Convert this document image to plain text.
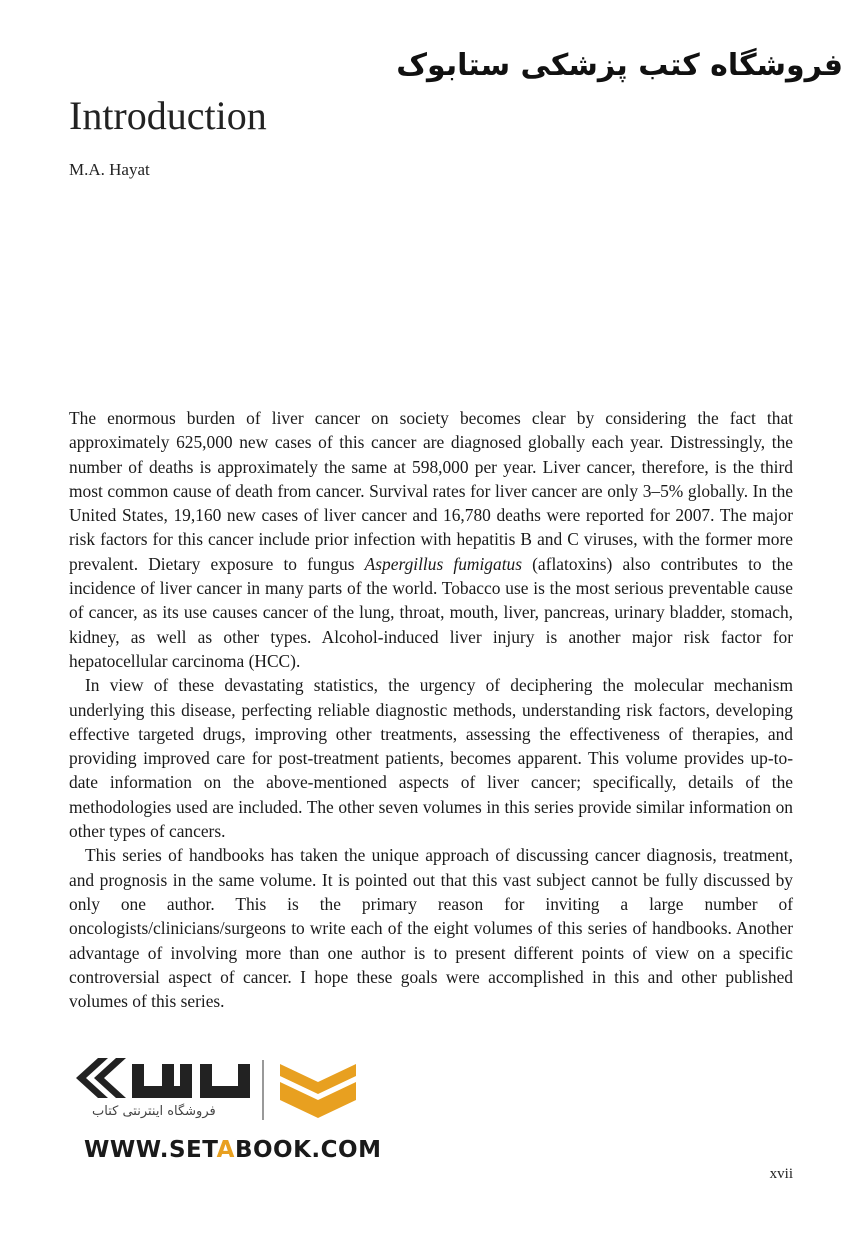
فروشگاه کتب پزشکی ستابوک
Introduction
M.A. Hayat

The enormous burden of liver cancer on society becomes clear by considering the fact that approximately 625,000 new cases of this cancer are diagnosed globally each year. Distressingly, the number of deaths is approximately the same at 598,000 per year. Liver cancer, therefore, is the third most common cause of death from cancer. Survival rates for liver cancer are only 3–5% globally. In the United States, 19,160 new cases of liver cancer and 16,780 deaths were reported for 2007. The major risk factors for this cancer include prior infection with hepatitis B and C viruses, with the former more prevalent. Dietary exposure to fungus Aspergillus fumigatus (aflatoxins) also contributes to the incidence of liver cancer in many parts of the world. Tobacco use is the most serious preventable cause of cancer, as its use causes cancer of the lung, throat, mouth, liver, pancreas, urinary bladder, stomach, kidney, as well as other types. Alcohol-induced liver injury is another major risk factor for hepatocellular carcinoma (HCC).

In view of these devastating statistics, the urgency of deciphering the molecular mechanism underlying this disease, perfecting reliable diagnostic methods, understanding risk factors, developing effective targeted drugs, improving other treatments, assessing the effectiveness of therapies, and providing improved care for post-treatment patients, becomes apparent. This volume provides up-to-date information on the above-mentioned aspects of liver cancer; specifically, details of the methodologies used are included. The other seven volumes in this series provide similar information on other types of cancers.

This series of handbooks has taken the unique approach of discussing cancer diagnosis, treatment, and prognosis in the same volume. It is pointed out that this vast subject cannot be fully discussed by only one author. This is the primary reason for inviting a large number of oncologists/clinicians/surgeons to write each of the eight volumes of this series of handbooks. Another advantage of involving more than one author is to present different points of view on a specific controversial aspect of cancer. I hope these goals were accomplished in this and other published volumes of this series.

فروشگاه اینترنتی کتاب
WWW.SETABOOK.COM
xvii
